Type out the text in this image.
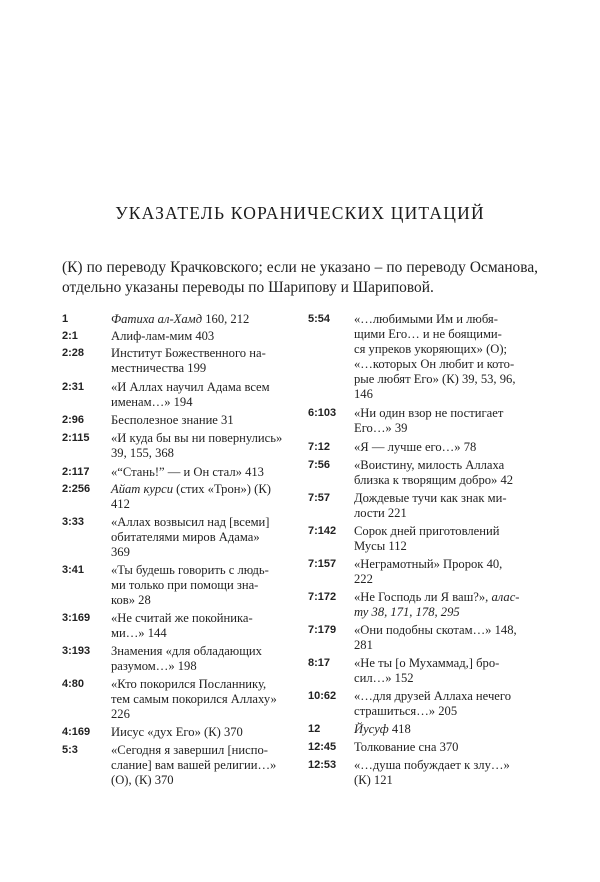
УКАЗАТЕЛЬ КОРАНИЧЕСКИХ ЦИТАЦИЙ
(К) по переводу Крачковского; если не указано – по переводу Османова, отдельно указаны переводы по Шарипову и Шариповой.
1	Фатиха ал-Хамд 160, 212
2:1	Алиф-лам-мим 403
2:28	Институт Божественного на-
местничества 199
2:31	«И Аллах научил Адама всем
именам…» 194
2:96	Бесполезное знание 31
2:115	«И куда бы вы ни повернулись» 39, 155, 368
2:117	«“Стань!” — и Он стал» 413
2:256	Айат курси (стих «Трон») (К)
412
3:33	«Аллах возвысил над [всеми]
обитателями миров Адама»
369
3:41	«Ты будешь говорить с людь-
ми только при помощи зна-
ков» 28
3:169	«Не считай же покойника-
ми…» 144
3:193	Знамения «для обладающих
разумом…» 198
4:80	«Кто покорился Посланнику,
тем самым покорился Аллаху»
226
4:169	Иисус «дух Его» (К) 370
5:3	«Сегодня я завершил [ниспо-
слание] вам вашей религии…»
(О), (К) 370
5:54	«…любимыми Им и любя-
щими Его… и не боящими-
ся упреков укоряющих» (О);
«…которых Он любит и кото-
рые любят Его» (К) 39, 53, 96,
146
6:103	«Ни один взор не постигает
Его…» 39
7:12	«Я — лучше его…» 78
7:56	«Воистину, милость Аллаха
близка к творящим добро» 42
7:57	Дождевые тучи как знак ми-
лости 221
7:142	Сорок дней приготовлений
Мусы 112
7:157	«Неграмотный» Пророк 40,
222
7:172	«Не Господь ли Я ваш?», алас-
ту 38, 171, 178, 295
7:179	«Они подобны скотам…» 148,
281
8:17	«Не ты [о Мухаммад,] бро-
сил…» 152
10:62	«…для друзей Аллаха нечего
страшиться…» 205
12	Йусуф 418
12:45	Толкование сна 370
12:53	«…душа побуждает к злу…»
(К) 121
